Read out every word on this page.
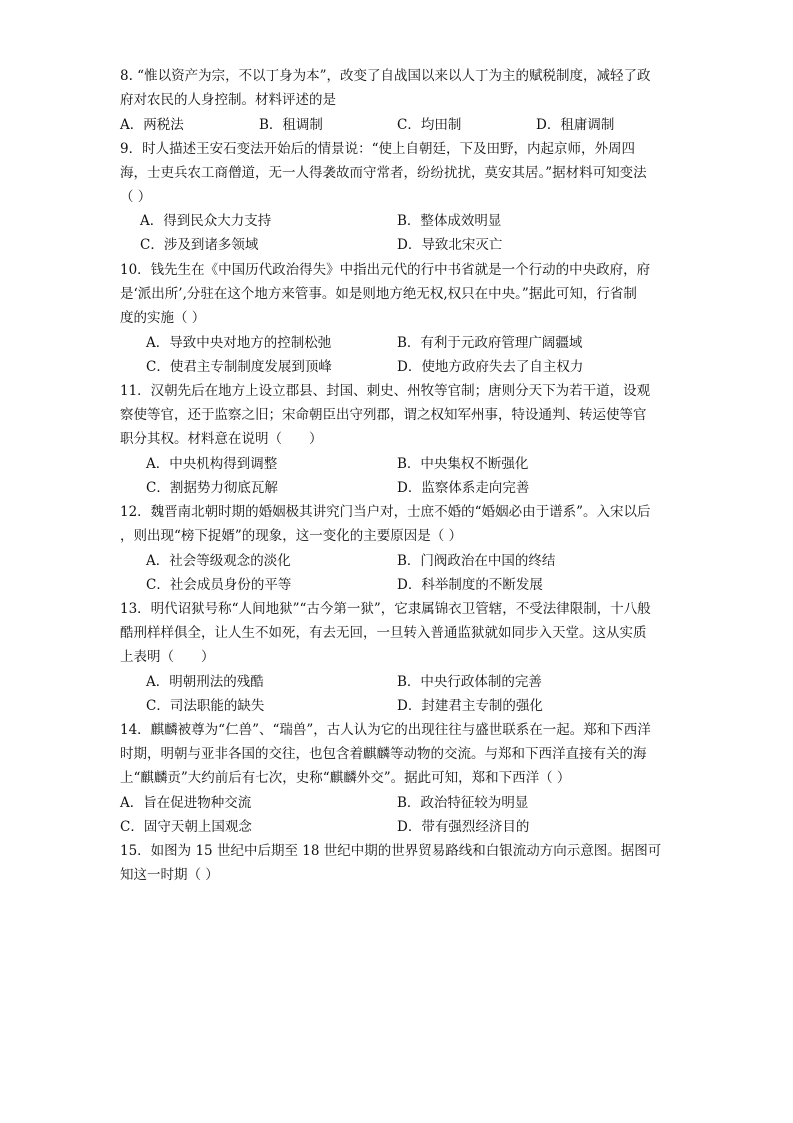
8. “惟以资产为宗，不以丁身为本”，改变了自战国以来以人丁为主的赋税制度，减轻了政
府对农民的人身控制。材料评述的是
A．两税法	B．租调制	C．均田制	D．租庸调制
9．时人描述王安石变法开始后的情景说：“使上自朝廷，下及田野，内起京师，外周四
海，士吏兵农工商僧道，无一人得袭故而守常者，纷纷扰扰，莫安其居。”据材料可知变法
（ ）
A．得到民众大力支持	B．整体成效明显
C．涉及到诸多领域	D．导致北宋灭亡
10．钱先生在《中国历代政治得失》中指出元代的行中书省就是一个行动的中央政府，府
是‘派出所’,分驻在这个地方来管事。如是则地方绝无权,权只在中央。”据此可知，行省制
度的实施（ ）
A．导致中央对地方的控制松弛	B．有利于元政府管理广阔疆域
C．使君主专制制度发展到顶峰	D．使地方政府失去了自主权力
11．汉朝先后在地方上设立郡县、封国、刺史、州牧等官制；唐则分天下为若干道，设观
察使等官，还于监察之旧；宋命朝臣出守列郡，谓之权知军州事，特设通判、转运使等官
职分其权。材料意在说明（　　）
A．中央机构得到调整	B．中央集权不断强化
C．割据势力彻底瓦解	D．监察体系走向完善
12．魏晋南北朝时期的婚姻极其讲究门当户对，士庶不婚的“婚姻必由于谱系”。入宋以后
，则出现“榜下捉婿”的现象，这一变化的主要原因是（ ）
A．社会等级观念的淡化	B．门阀政治在中国的终结
C．社会成员身份的平等	D．科举制度的不断发展
13．明代诏狱号称“人间地狱”“古今第一狱”，它隶属锦衣卫管辖，不受法律限制，十八般
酷刑样样俱全，让人生不如死，有去无回，一旦转入普通监狱就如同步入天堂。这从实质
上表明（　　）
A．明朝刑法的残酷	B．中央行政体制的完善
C．司法职能的缺失	D．封建君主专制的强化
14．麒麟被尊为“仁兽”、“瑞兽”，古人认为它的出现往往与盛世联系在一起。郑和下西洋
时期，明朝与亚非各国的交往，也包含着麒麟等动物的交流。与郑和下西洋直接有关的海
上“麒麟贡”大约前后有七次，史称“麒麟外交”。据此可知，郑和下西洋（ ）
A．旨在促进物种交流	B．政治特征较为明显
C．固守天朝上国观念	D．带有强烈经济目的
15．如图为 15 世纪中后期至 18 世纪中期的世界贸易路线和白银流动方向示意图。据图可
知这一时期（ ）
